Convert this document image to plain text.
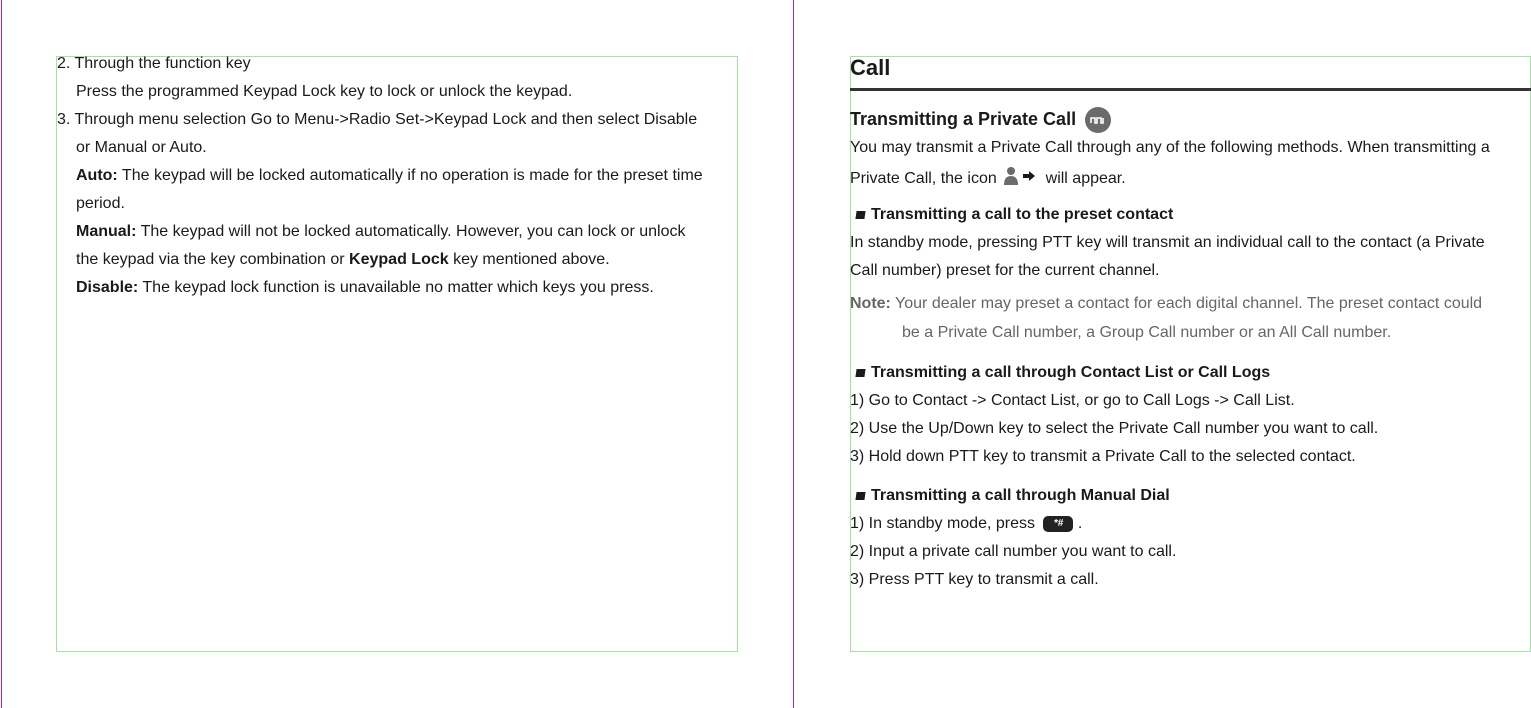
2. Through the function key
Press the programmed Keypad Lock key to lock or unlock the keypad.
3. Through menu selection Go to Menu->Radio Set->Keypad Lock and then select Disable
or Manual or Auto.
Auto: The keypad will be locked automatically if no operation is made for the preset time
period.
Manual: The keypad will not be locked automatically. However, you can lock or unlock
the keypad via the key combination or Keypad Lock key mentioned above.
Disable: The keypad lock function is unavailable no matter which keys you press.
Call
Transmitting a Private Call
You may transmit a Private Call through any of the following methods. When transmitting a
Private Call, the icon	will appear.
Transmitting a call to the preset contact
In standby mode, pressing PTT key will transmit an individual call to the contact (a Private
Call number) preset for the current channel.
Note: Your dealer may preset a contact for each digital channel. The preset contact could
be a Private Call number, a Group Call number or an All Call number.
Transmitting a call through Contact List or Call Logs
1) Go to Contact -> Contact List, or go to Call Logs -> Call List.
2) Use the Up/Down key to select the Private Call number you want to call.
3) Hold down PTT key to transmit a Private Call to the selected contact.
Transmitting a call through Manual Dial
1) In standby mode, press	*# .
2) Input a private call number you want to call.
3) Press PTT key to transmit a call.
